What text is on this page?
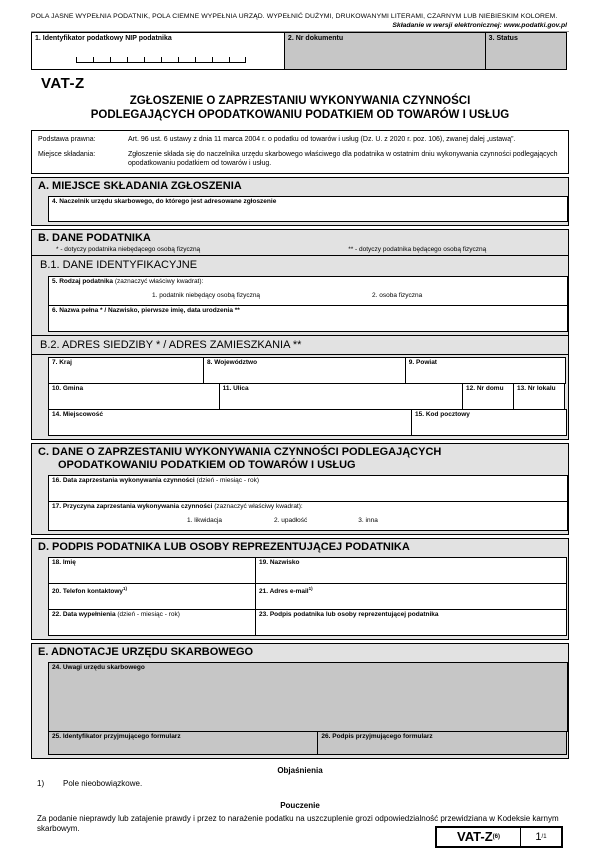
POLA JASNE WYPEŁNIA PODATNIK, POLA CIEMNE WYPEŁNIA URZĄD. WYPEŁNIĆ DUŻYMI, DRUKOWANYMI LITERAMI, CZARNYM LUB NIEBIESKIM KOLOREM.
Składanie w wersji elektronicznej: www.podatki.gov.pl
1. Identyfikator podatkowy NIP podatnika	2. Nr dokumentu	3. Status
VAT-Z
ZGŁOSZENIE O ZAPRZESTANIU WYKONYWANIA CZYNNOŚCI
PODLEGAJĄCYCH OPODATKOWANIU PODATKIEM OD TOWARÓW I USŁUG
Podstawa prawna:	Art. 96 ust. 6 ustawy z dnia 11 marca 2004 r. o podatku od towarów i usług (Dz. U. z 2020 r. poz. 106), zwanej dalej „ustawą”.
Miejsce składania:	Zgłoszenie składa się do naczelnika urzędu skarbowego właściwego dla podatnika w ostatnim dniu wykonywania czynności podlegających opodatkowaniu podatkiem od towarów i usług.
A. MIEJSCE SKŁADANIA ZGŁOSZENIA
4. Naczelnik urzędu skarbowego, do którego jest adresowane zgłoszenie
B. DANE PODATNIKA
* - dotyczy podatnika niebędącego osobą fizyczną	** - dotyczy podatnika będącego osobą fizyczną
B.1. DANE IDENTYFIKACYJNE
5. Rodzaj podatnika (zaznaczyć właściwy kwadrat):
1. podatnik niebędący osobą fizyczną	2. osoba fizyczna
6. Nazwa pełna * / Nazwisko, pierwsze imię, data urodzenia **
B.2. ADRES SIEDZIBY * / ADRES ZAMIESZKANIA **
7. Kraj	8. Województwo	9. Powiat
10. Gmina	11. Ulica	12. Nr domu	13. Nr lokalu
14. Miejscowość	15. Kod pocztowy
C. DANE O ZAPRZESTANIU WYKONYWANIA CZYNNOŚCI PODLEGAJĄCYCH
OPODATKOWANIU PODATKIEM OD TOWARÓW I USŁUG
16. Data zaprzestania wykonywania czynności (dzień - miesiąc - rok)
17. Przyczyna zaprzestania wykonywania czynności (zaznaczyć właściwy kwadrat):
1. likwidacja	2. upadłość	3. inna
D. PODPIS PODATNIKA LUB OSOBY REPREZENTUJĄCEJ PODATNIKA
18. Imię	19. Nazwisko
20. Telefon kontaktowy$^{1)}$	21. Adres e-mail$^{1)}$
22. Data wypełnienia (dzień - miesiąc - rok)	23. Podpis podatnika lub osoby reprezentującej podatnika
E. ADNOTACJE URZĘDU SKARBOWEGO
24. Uwagi urzędu skarbowego
25. Identyfikator przyjmującego formularz	26. Podpis przyjmującego formularz
Objaśnienia
1)	Pole nieobowiązkowe.
Pouczenie
Za podanie nieprawdy lub zatajenie prawdy i przez to narażenie podatku na uszczuplenie grozi odpowiedzialność przewidziana w Kodeksie karnym skarbowym.
VAT-Z (6)	1 /1
